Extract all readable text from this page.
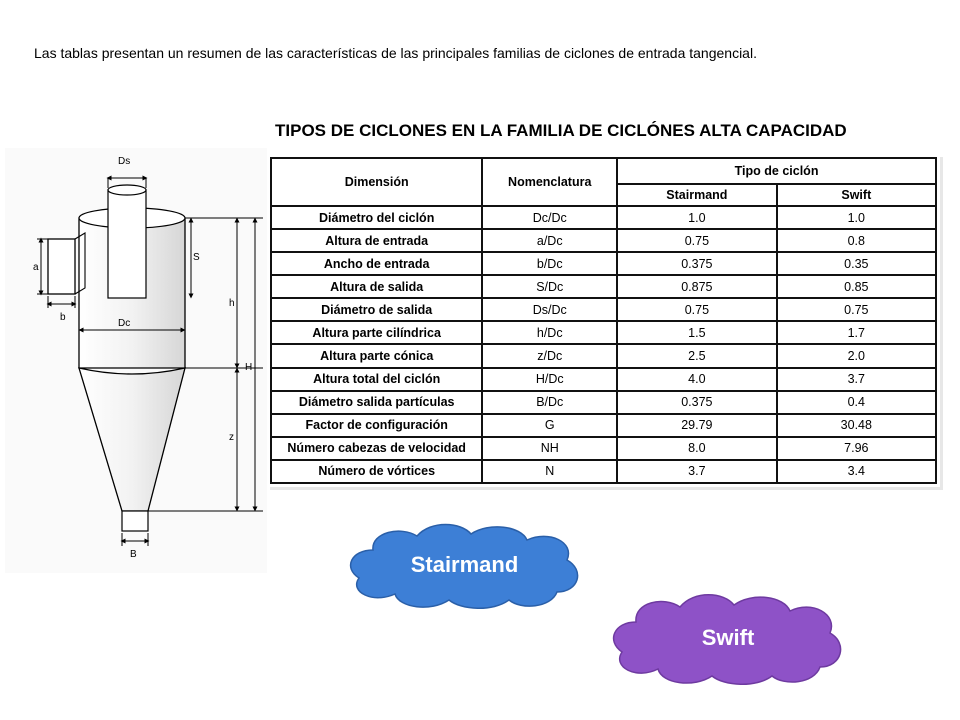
Las tablas presentan un resumen de las características de las principales familias de ciclones de entrada tangencial.
TIPOS DE CICLONES EN LA FAMILIA DE CICLÓNES ALTA CAPACIDAD
Ds
a
b
Dc
S
h
H
z
B
Dimensión	Nomenclatura	Tipo de ciclón	
		Stairmand	Swift
Diámetro del ciclón	Dc/Dc	1.0	1.0
Altura de entrada	a/Dc	0.75	0.8
Ancho de entrada	b/Dc	0.375	0.35
Altura de salida	S/Dc	0.875	0.85
Diámetro de salida	Ds/Dc	0.75	0.75
Altura parte cilíndrica	h/Dc	1.5	1.7
Altura parte cónica	z/Dc	2.5	2.0
Altura total del ciclón	H/Dc	4.0	3.7
Diámetro salida partículas	B/Dc	0.375	0.4
Factor de configuración	G	29.79	30.48
Número cabezas de velocidad	NH	8.0	7.96
Número de vórtices	N	3.7	3.4
Stairmand
Swift
